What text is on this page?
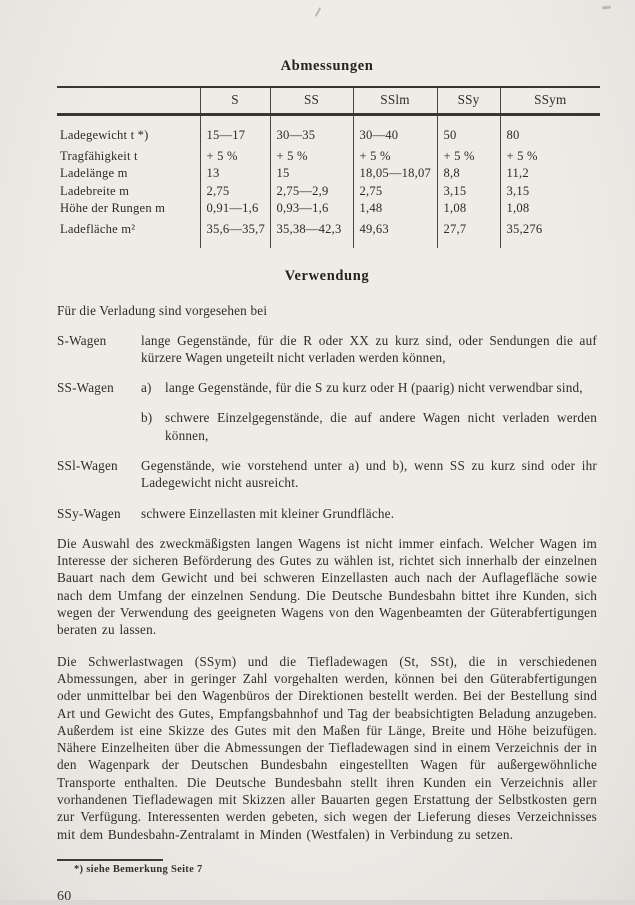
Abmessungen
	S	SS	SSlm	SSy	SSym
Ladegewicht t *)	15—17	30—35	30—40	50	80
Tragfähigkeit t	+ 5 %	+ 5 %	+ 5 %	+ 5 %	+ 5 %
Ladelänge m	13	15	18,05—18,07	8,8	11,2
Ladebreite m	2,75	2,75—2,9	2,75	3,15	3,15
Höhe der Rungen m	0,91—1,6	0,93—1,6	1,48	1,08	1,08
Ladefläche m²	35,6—35,7	35,38—42,3	49,63	27,7	35,276
Verwendung

Für die Verladung sind vorgesehen bei

S-Wagen	lange Gegenstände, für die R oder XX zu kurz sind, oder Sendungen die auf kürzere Wagen ungeteilt nicht verladen werden können,
SS-Wagen	a)	lange Gegenstände, für die S zu kurz oder H (paarig) nicht verwendbar sind,
b) schwere Einzelgegenstände, die auf andere Wagen nicht verladen werden können,
SSl-Wagen	Gegenstände, wie vorstehend unter a) und b), wenn SS zu kurz sind oder ihr Ladegewicht nicht ausreicht.
SSy-Wagen	schwere Einzellasten mit kleiner Grundfläche.

Die Auswahl des zweckmäßigsten langen Wagens ist nicht immer einfach. Welcher Wagen im Interesse der sicheren Beförderung des Gutes zu wählen ist, richtet sich innerhalb der einzelnen Bauart nach dem Gewicht und bei schweren Einzellasten auch nach der Auflagefläche sowie nach dem Umfang der einzelnen Sendung. Die Deutsche Bundesbahn bittet ihre Kunden, sich wegen der Verwendung des geeigneten Wagens von den Wagenbeamten der Güterabfertigungen beraten zu lassen.

Die Schwerlastwagen (SSym) und die Tiefladewagen (St, SSt), die in verschiedenen Abmessungen, aber in geringer Zahl vorgehalten werden, können bei den Güterabfertigungen oder unmittelbar bei den Wagenbüros der Direktionen bestellt werden. Bei der Bestellung sind Art und Gewicht des Gutes, Empfangsbahnhof und Tag der beabsichtigten Beladung anzugeben. Außerdem ist eine Skizze des Gutes mit den Maßen für Länge, Breite und Höhe beizufügen. Nähere Einzelheiten über die Abmessungen der Tiefladewagen sind in einem Verzeichnis der in den Wagenpark der Deutschen Bundesbahn eingestellten Wagen für außergewöhnliche Transporte enthalten. Die Deutsche Bundesbahn stellt ihren Kunden ein Verzeichnis aller vorhandenen Tiefladewagen mit Skizzen aller Bauarten gegen Erstattung der Selbstkosten gern zur Verfügung. Interessenten werden gebeten, sich wegen der Lieferung dieses Verzeichnisses mit dem Bundesbahn-Zentralamt in Minden (Westfalen) in Verbindung zu setzen.

*) siehe Bemerkung Seite 7
60
